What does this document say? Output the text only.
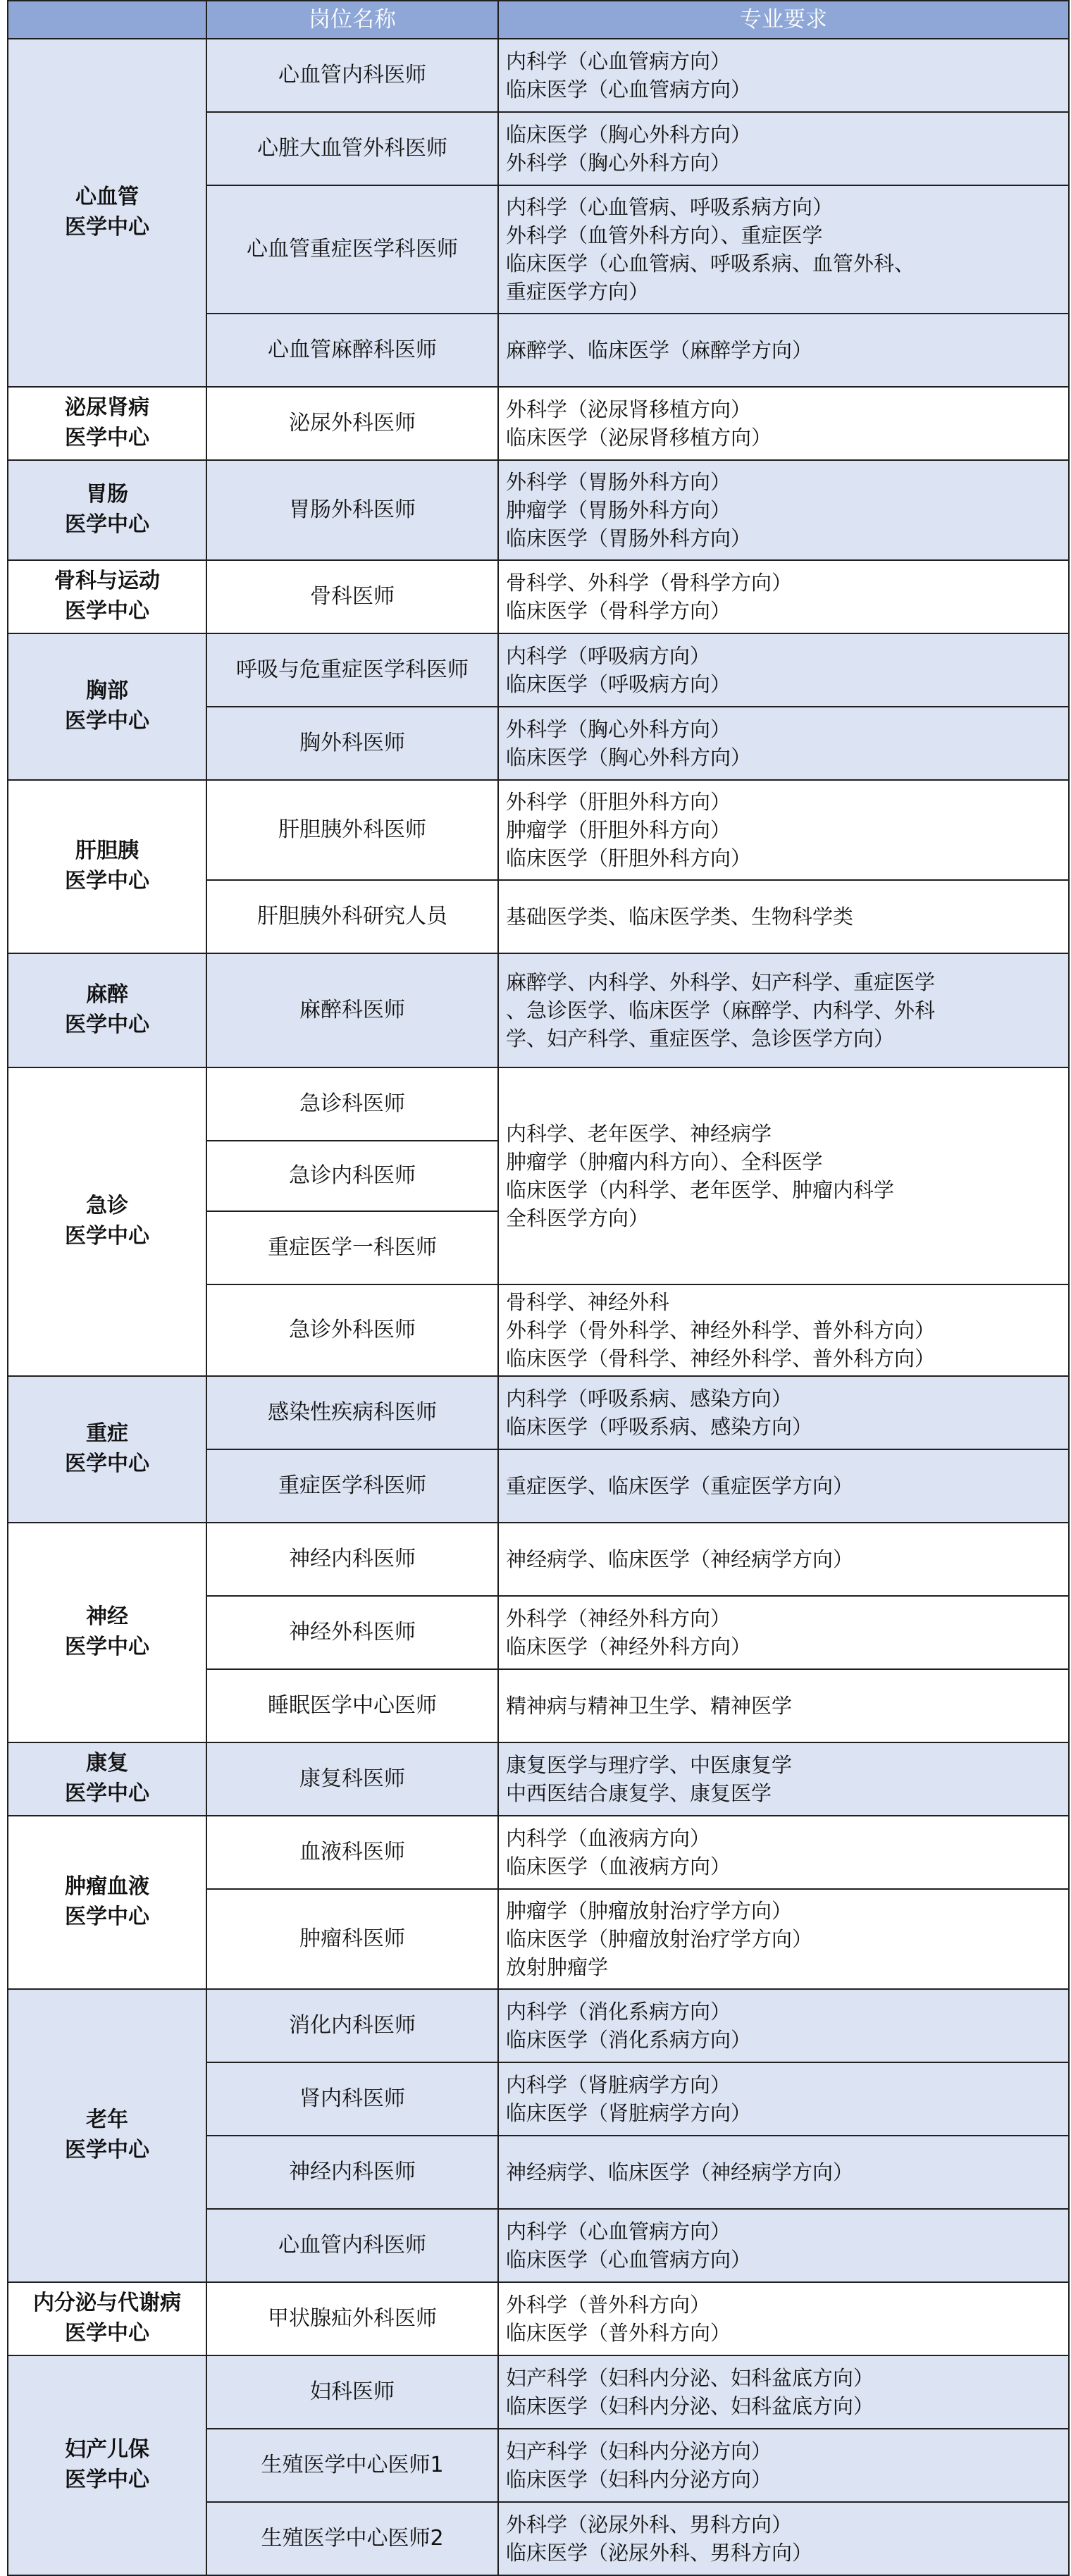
中心	岗位名称	专业要求

心血管
医学中心	心血管内科医师	内科学（心血管病方向）
临床医学（心血管病方向）

	心脏大血管外科医师	临床医学（胸心外科方向）
外科学（胸心外科方向）

	心血管重症医学科医师	内科学（心血管病、呼吸系病方向）
外科学（血管外科方向）、重症医学
临床医学（心血管病、呼吸系病、血管外科、
重症医学方向）

	心血管麻醉科医师	麻醉学、临床医学（麻醉学方向）

泌尿肾病
医学中心	泌尿外科医师	外科学（泌尿肾移植方向）
临床医学（泌尿肾移植方向）

胃肠
医学中心	胃肠外科医师	外科学（胃肠外科方向）
肿瘤学（胃肠外科方向）
临床医学（胃肠外科方向）

骨科与运动
医学中心	骨科医师	骨科学、外科学（骨科学方向）
临床医学（骨科学方向）

胸部
医学中心	呼吸与危重症医学科医师	内科学（呼吸病方向）
临床医学（呼吸病方向）

	胸外科医师	外科学（胸心外科方向）
临床医学（胸心外科方向）

肝胆胰
医学中心	肝胆胰外科医师	外科学（肝胆外科方向）
肿瘤学（肝胆外科方向）
临床医学（肝胆外科方向）

	肝胆胰外科研究人员	基础医学类、临床医学类、生物科学类

麻醉
医学中心	麻醉科医师	麻醉学、内科学、外科学、妇产科学、重症医学
、急诊医学、临床医学（麻醉学、内科学、外科
学、妇产科学、重症医学、急诊医学方向）

急诊
医学中心	急诊科医师	内科学、老年医学、神经病学
肿瘤学（肿瘤内科方向）、全科医学
临床医学（内科学、老年医学、肿瘤内科学
全科医学方向）

	急诊内科医师	

	重症医学一科医师	

	急诊外科医师	骨科学、神经外科
外科学（骨外科学、神经外科学、普外科方向）
临床医学（骨科学、神经外科学、普外科方向）

重症
医学中心	感染性疾病科医师	内科学（呼吸系病、感染方向）
临床医学（呼吸系病、感染方向）

	重症医学科医师	重症医学、临床医学（重症医学方向）

神经
医学中心	神经内科医师	神经病学、临床医学（神经病学方向）

	神经外科医师	外科学（神经外科方向）
临床医学（神经外科方向）

	睡眠医学中心医师	精神病与精神卫生学、精神医学

康复
医学中心	康复科医师	康复医学与理疗学、中医康复学
中西医结合康复学、康复医学

肿瘤血液
医学中心	血液科医师	内科学（血液病方向）
临床医学（血液病方向）

	肿瘤科医师	肿瘤学（肿瘤放射治疗学方向）
临床医学（肿瘤放射治疗学方向）
放射肿瘤学

老年
医学中心	消化内科医师	内科学（消化系病方向）
临床医学（消化系病方向）

	肾内科医师	内科学（肾脏病学方向）
临床医学（肾脏病学方向）

	神经内科医师	神经病学、临床医学（神经病学方向）

	心血管内科医师	内科学（心血管病方向）
临床医学（心血管病方向）

内分泌与代谢病
医学中心	甲状腺疝外科医师	外科学（普外科方向）
临床医学（普外科方向）

妇产儿保
医学中心	妇科医师	妇产科学（妇科内分泌、妇科盆底方向）
临床医学（妇科内分泌、妇科盆底方向）

	生殖医学中心医师1	妇产科学（妇科内分泌方向）
临床医学（妇科内分泌方向）

	生殖医学中心医师2	外科学（泌尿外科、男科方向）
临床医学（泌尿外科、男科方向）
